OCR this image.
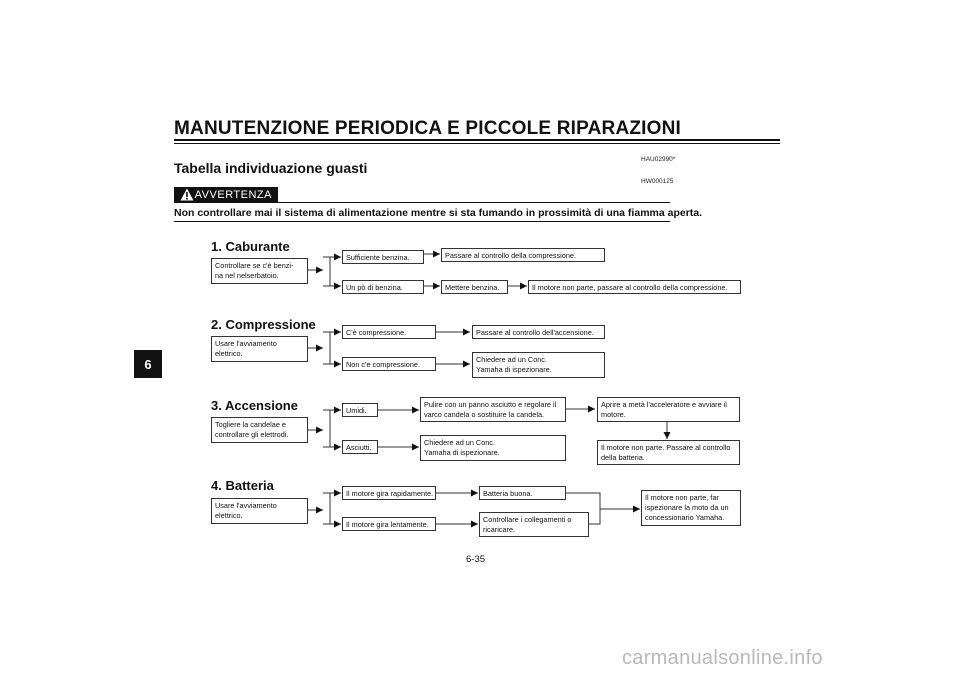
MANUTENZIONE PERIODICA E PICCOLE RIPARAZIONI
HAU02990*
Tabella individuazione guasti
HW000125
AVVERTENZA
Non controllare mai il sistema di alimentazione mentre si sta fumando in prossimità di una fiamma aperta.
6
1. Caburante
Controllare se c'è benzi-
na nel nelserbatoio.
Sufficiente benzina.	Passare al controllo della compressione.
Un pò di benzina.	Mettere benzina.	Il motore non parte, passare al controllo della compressione.
2. Compressione
Usare l'avviamento
elettrico.
C'è compressione.	Passare al controllo dell'accensione.
Non c'e compressione.
Chiedere ad un Conc.
Yamaha di ispezionare.
3. Accensione
Togliere la candelae e
controllare gli elettrodi.
Umidi.
Pulire con un panno asciutto e regolare il
varco candela o sostituire la candela.
Aprire a metà l'acceleratore e avviare il
motore.
Il motore non parte. Passare al controllo
della batteria.
Asciutti.
Chiedere ad un Conc.
Yamaha di ispezionare.
4. Batteria
Usare l'avviamento
elettrico.
Il motore gira rapidamente.	Batteria buona.
Il motore gira lentamente.
Controllare i collegamenti o
ricaricare.
Il motore non parte, far
ispezionare la moto da un
concessionario Yamaha.
6-35
carmanualsonline.info
